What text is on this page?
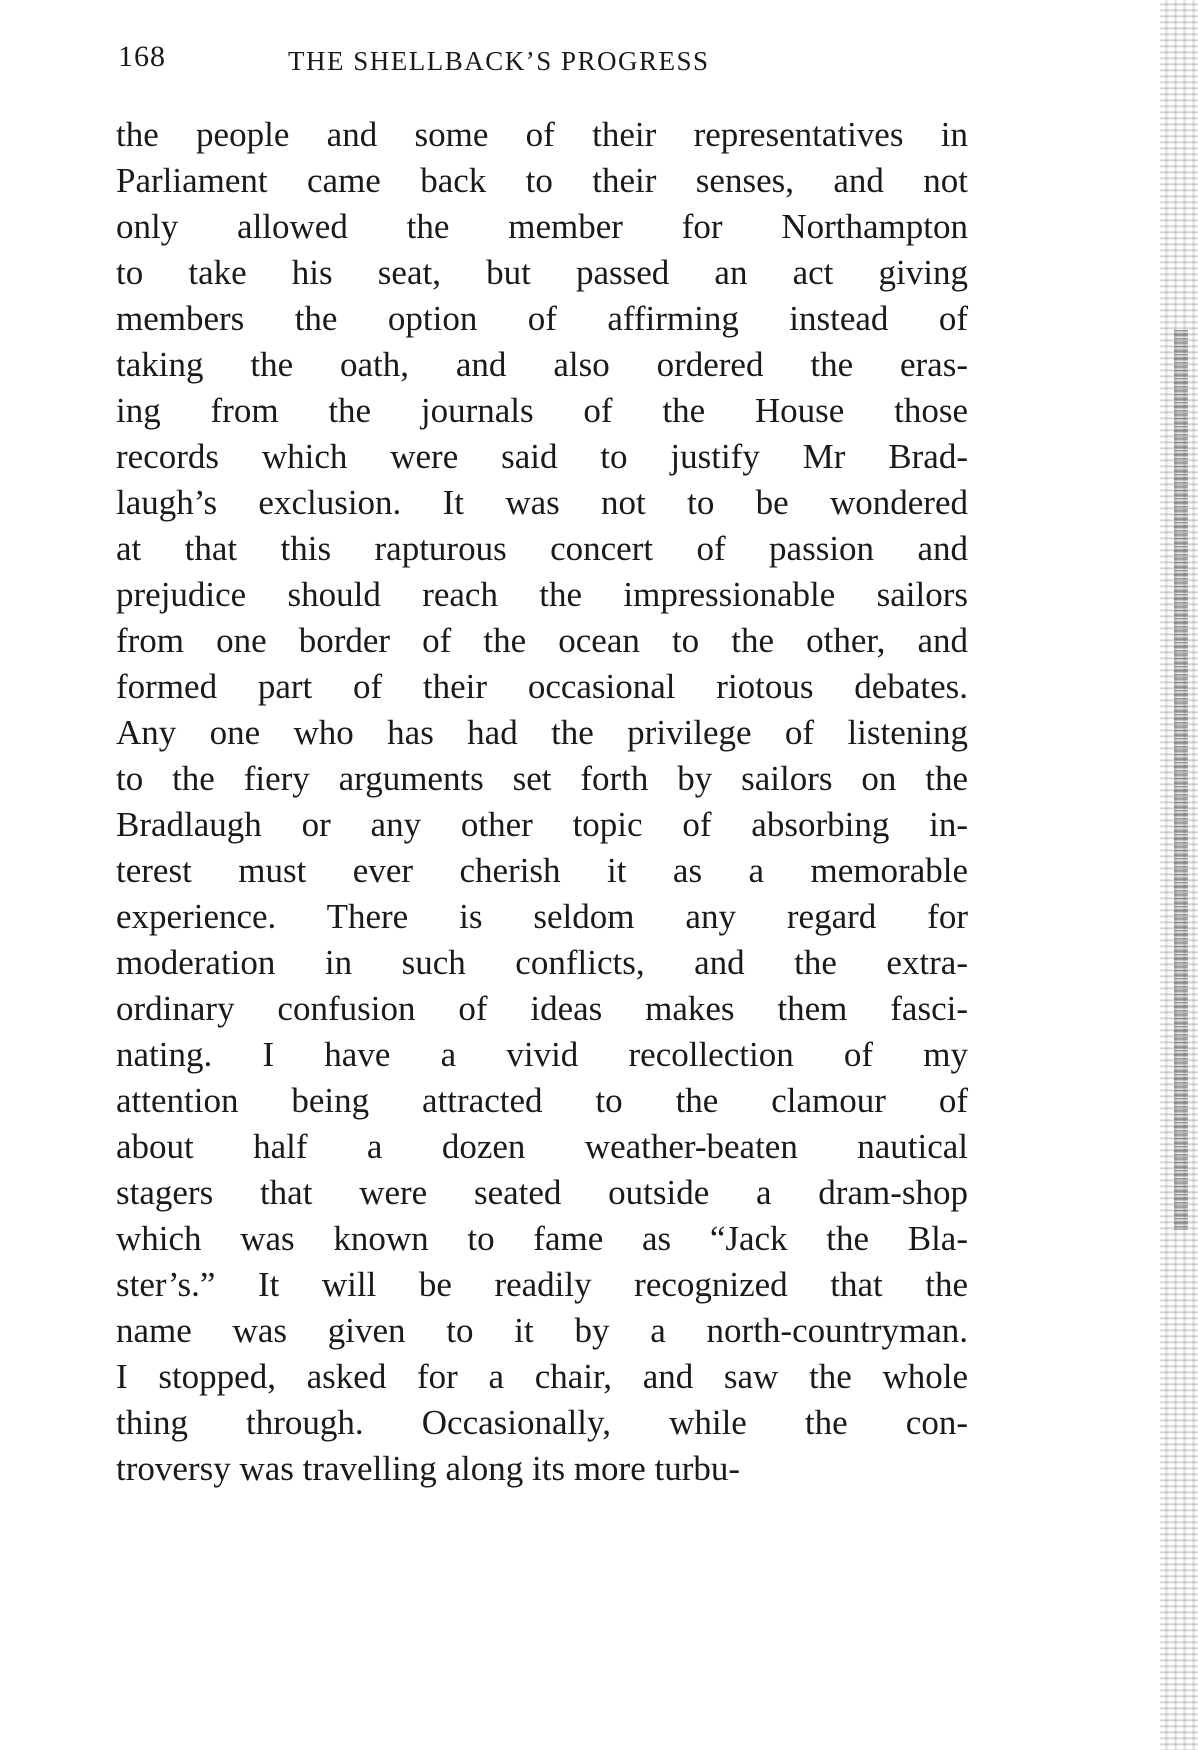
168	THE SHELLBACK’S PROGRESS
the people and some of their representatives in
Parliament came back to their senses, and not
only allowed the member for Northampton
to take his seat, but passed an act giving
members the option of affirming instead of
taking the oath, and also ordered the eras-
ing from the journals of the House those
records which were said to justify Mr Brad-
laugh’s exclusion. It was not to be wondered
at that this rapturous concert of passion and
prejudice should reach the impressionable sailors
from one border of the ocean to the other, and
formed part of their occasional riotous debates.
Any one who has had the privilege of listening
to the fiery arguments set forth by sailors on the
Bradlaugh or any other topic of absorbing in-
terest must ever cherish it as a memorable
experience. There is seldom any regard for
moderation in such conflicts, and the extra-
ordinary confusion of ideas makes them fasci-
nating. I have a vivid recollection of my
attention being attracted to the clamour of
about half a dozen weather-beaten nautical
stagers that were seated outside a dram-shop
which was known to fame as “Jack the Bla-
ster’s.” It will be readily recognized that the
name was given to it by a north-countryman.
I stopped, asked for a chair, and saw the whole
thing through. Occasionally, while the con-
troversy was travelling along its more turbu-
